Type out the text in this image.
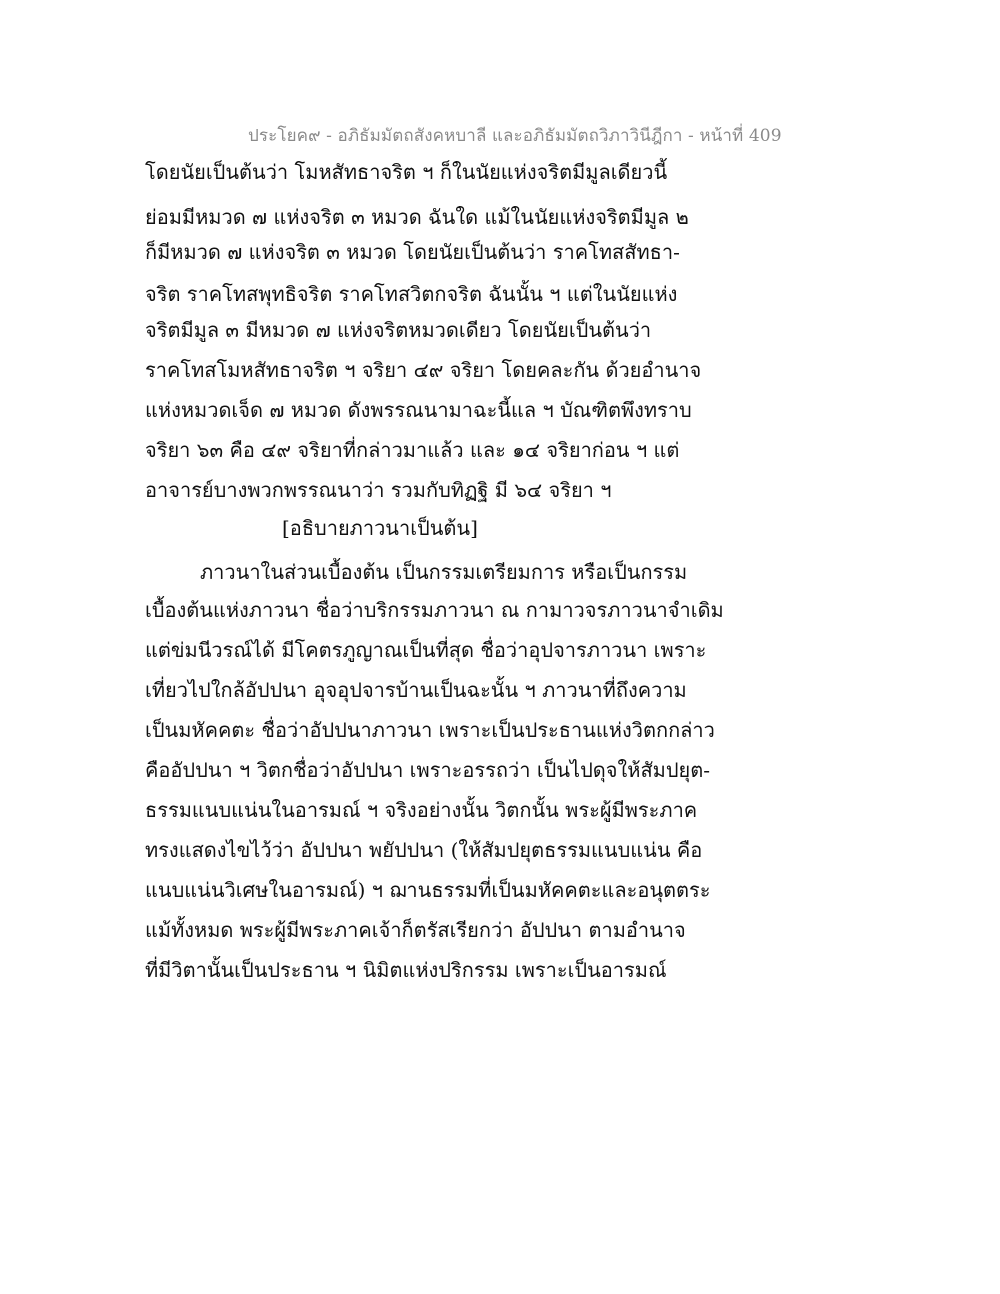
ประโยค๙ - อภิธัมมัตถสังคหบาลี และอภิธัมมัตถวิภาวินีฎีกา - หน้าที่ 409
โดยนัยเป็นต้นว่า โมหสัทธาจริต ฯ ก็ในนัยแห่งจริตมีมูลเดียวนี้
ย่อมมีหมวด ๗ แห่งจริต ๓ หมวด ฉันใด แม้ในนัยแห่งจริตมีมูล ๒
ก็มีหมวด ๗ แห่งจริต ๓ หมวด โดยนัยเป็นต้นว่า ราคโทสสัทธา-
จริต ราคโทสพุทธิจริต ราคโทสวิตกจริต ฉันนั้น ฯ แต่ในนัยแห่ง
จริตมีมูล ๓ มีหมวด ๗ แห่งจริตหมวดเดียว โดยนัยเป็นต้นว่า
ราคโทสโมหสัทธาจริต ฯ จริยา ๔๙ จริยา โดยคละกัน ด้วยอำนาจ
แห่งหมวดเจ็ด ๗ หมวด ดังพรรณนามาฉะนี้แล ฯ บัณฑิตพึงทราบ
จริยา ๖๓ คือ ๔๙ จริยาที่กล่าวมาแล้ว และ ๑๔ จริยาก่อน ฯ แต่
อาจารย์บางพวกพรรณนาว่า รวมกับทิฏฐิ มี ๖๔ จริยา ฯ
[อธิบายภาวนาเป็นต้น]
ภาวนาในส่วนเบื้องต้น เป็นกรรมเตรียมการ หรือเป็นกรรม
เบื้องต้นแห่งภาวนา ชื่อว่าบริกรรมภาวนา ณ กามาวจรภาวนาจำเดิม
แต่ข่มนีวรณ์ได้ มีโคตรภูญาณเป็นที่สุด ชื่อว่าอุปจารภาวนา เพราะ
เที่ยวไปใกล้อัปปนา อุจอุปจารบ้านเป็นฉะนั้น ฯ ภาวนาที่ถึงความ
เป็นมหัคคตะ ชื่อว่าอัปปนาภาวนา เพราะเป็นประธานแห่งวิตกกล่าว
คืออัปปนา ฯ วิตกชื่อว่าอัปปนา เพราะอรรถว่า เป็นไปดุจให้สัมปยุต-
ธรรมแนบแน่นในอารมณ์ ฯ จริงอย่างนั้น วิตกนั้น พระผู้มีพระภาค
ทรงแสดงไขไว้ว่า อัปปนา พยัปปนา (ให้สัมปยุตธรรมแนบแน่น คือ
แนบแน่นวิเศษในอารมณ์) ฯ ฌานธรรมที่เป็นมหัคคตะและอนุตตระ
แม้ทั้งหมด พระผู้มีพระภาคเจ้าก็ตรัสเรียกว่า อัปปนา ตามอำนาจ
ที่มีวิตานั้นเป็นประธาน ฯ นิมิตแห่งปริกรรม เพราะเป็นอารมณ์
